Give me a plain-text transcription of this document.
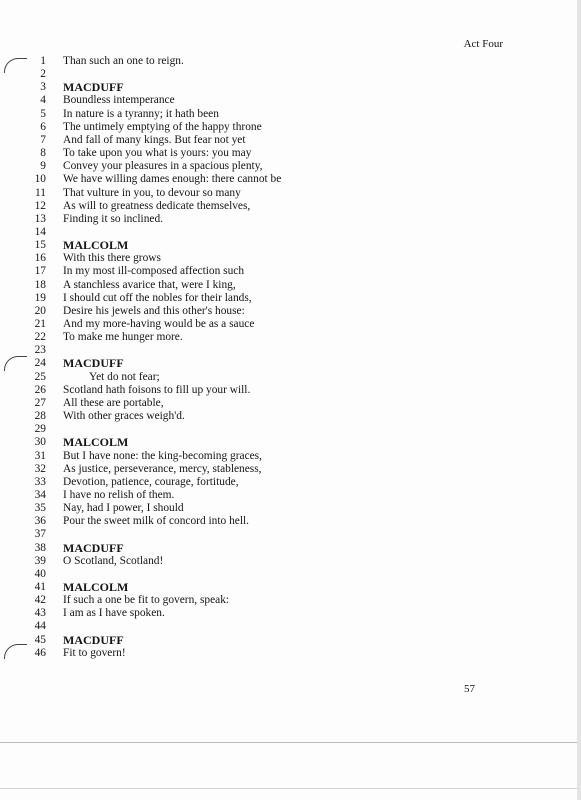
Act Four
1 Than such an one to reign.
2
3 MACDUFF
4 Boundless intemperance
5 In nature is a tyranny; it hath been
6 The untimely emptying of the happy throne
7 And fall of many kings. But fear not yet
8 To take upon you what is yours: you may
9 Convey your pleasures in a spacious plenty,
10 We have willing dames enough: there cannot be
11 That vulture in you, to devour so many
12 As will to greatness dedicate themselves,
13 Finding it so inclined.
14
15 MALCOLM
16 With this there grows
17 In my most ill-composed affection such
18 A stanchless avarice that, were I king,
19 I should cut off the nobles for their lands,
20 Desire his jewels and this other's house:
21 And my more-having would be as a sauce
22 To make me hunger more.
23
24 MACDUFF
25	Yet do not fear;
26 Scotland hath foisons to fill up your will.
27 All these are portable,
28 With other graces weigh'd.
29
30 MALCOLM
31 But I have none: the king-becoming graces,
32 As justice, perseverance, mercy, stableness,
33 Devotion, patience, courage, fortitude,
34 I have no relish of them.
35 Nay, had I power, I should
36 Pour the sweet milk of concord into hell.
37
38 MACDUFF
39 O Scotland, Scotland!
40
41 MALCOLM
42 If such a one be fit to govern, speak:
43 I am as I have spoken.
44
45 MACDUFF
46 Fit to govern!
57
